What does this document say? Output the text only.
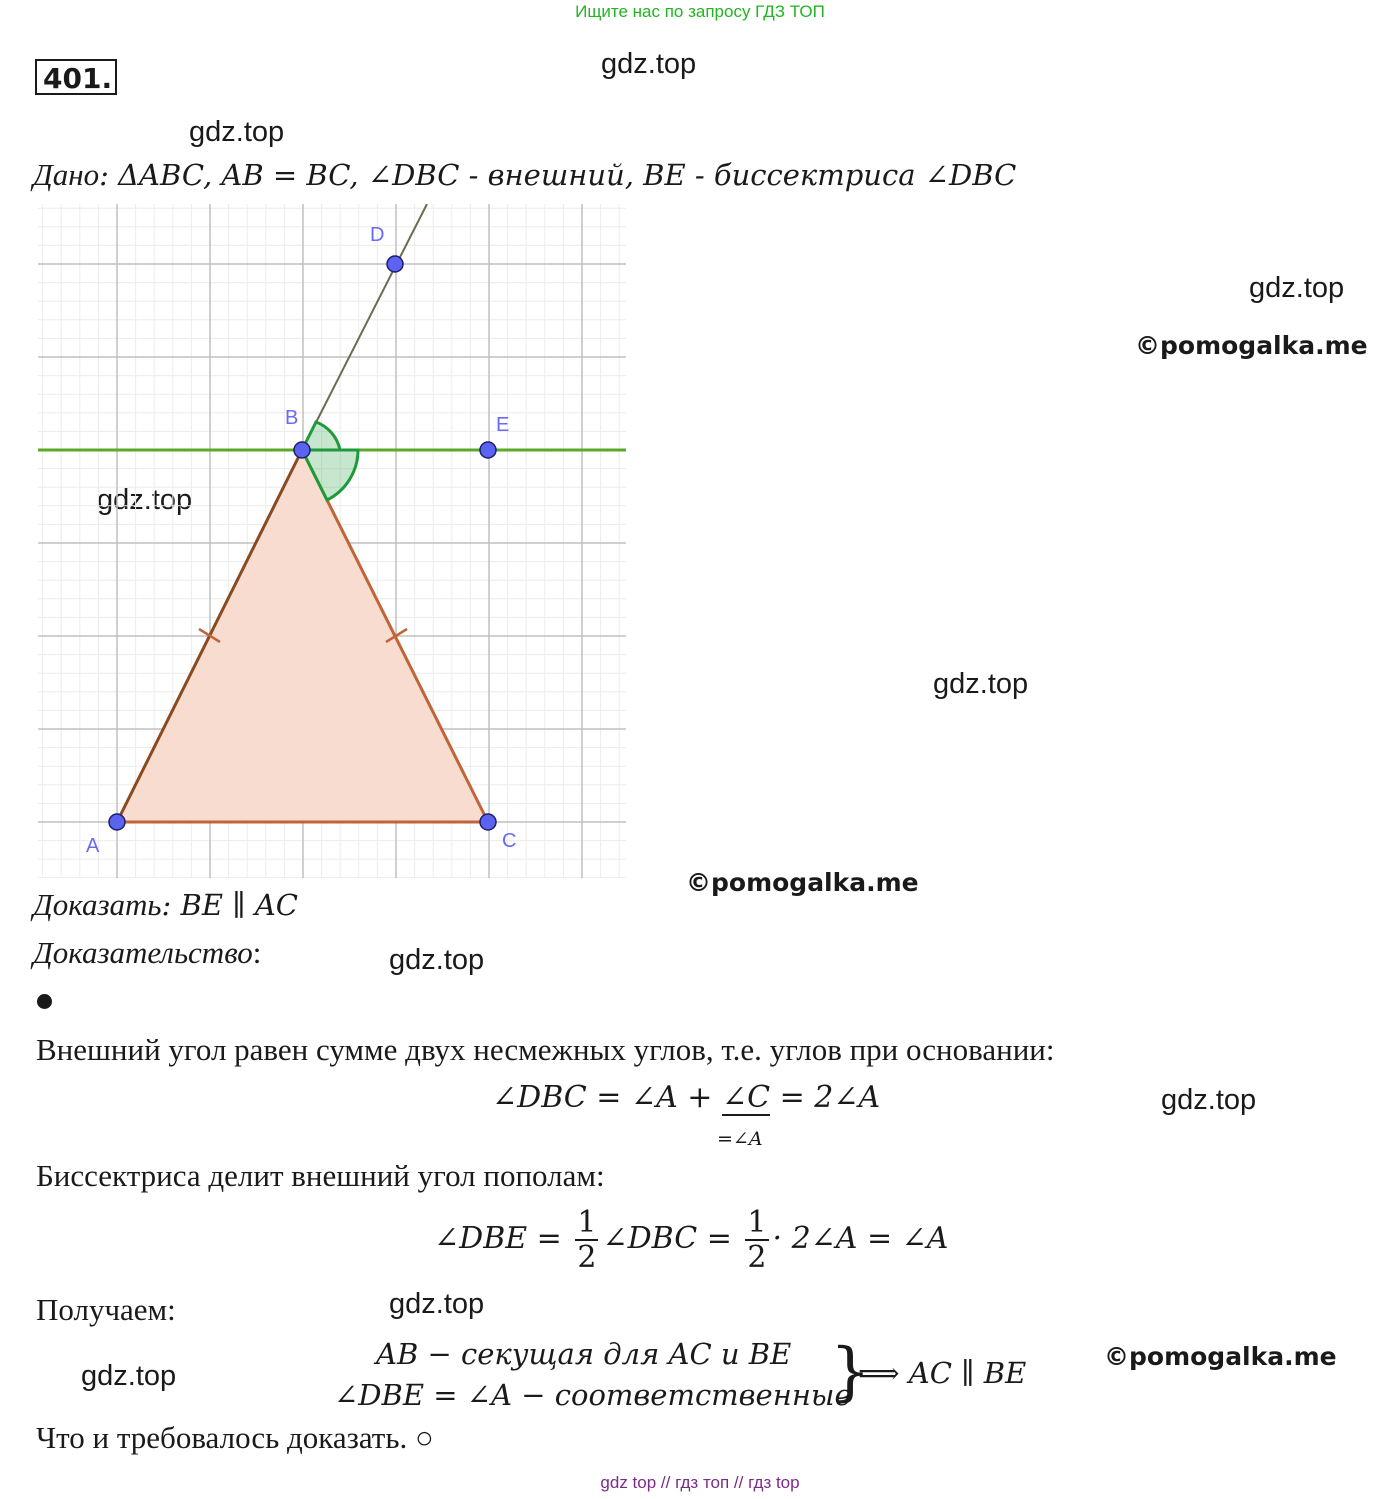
Ищите нас по запросу ГДЗ ТОП
401.	gdz.top
gdz.top
gdz.top
©pomogalka.me
gdz.top
gdz.top
©pomogalka.me
gdz.top
gdz.top
gdz.top
gdz.top
©pomogalka.me
Дано: ΔABC, AB = BC, ∠DBC - внешний, BE - биссектриса ∠DBC
D
B	E
A	C
Доказать: BE ∥ AC
Доказательство:
Внешний угол равен сумме двух несмежных углов, т.е. углов при основании:
∠DBC = ∠A + ∠C = 2∠A
=∠A
Биссектриса делит внешний угол пополам:
∠DBE = $\frac{1}{2}$ ∠DBC = $\frac{1}{2}$ · 2∠A = ∠A
Получаем:
AB − секущая для AC и BE
∠DBE = ∠A − соответственные
}
⟹ AC ∥ BE
Что и требовалось доказать. ○
gdz top // гдз топ // гдз top
